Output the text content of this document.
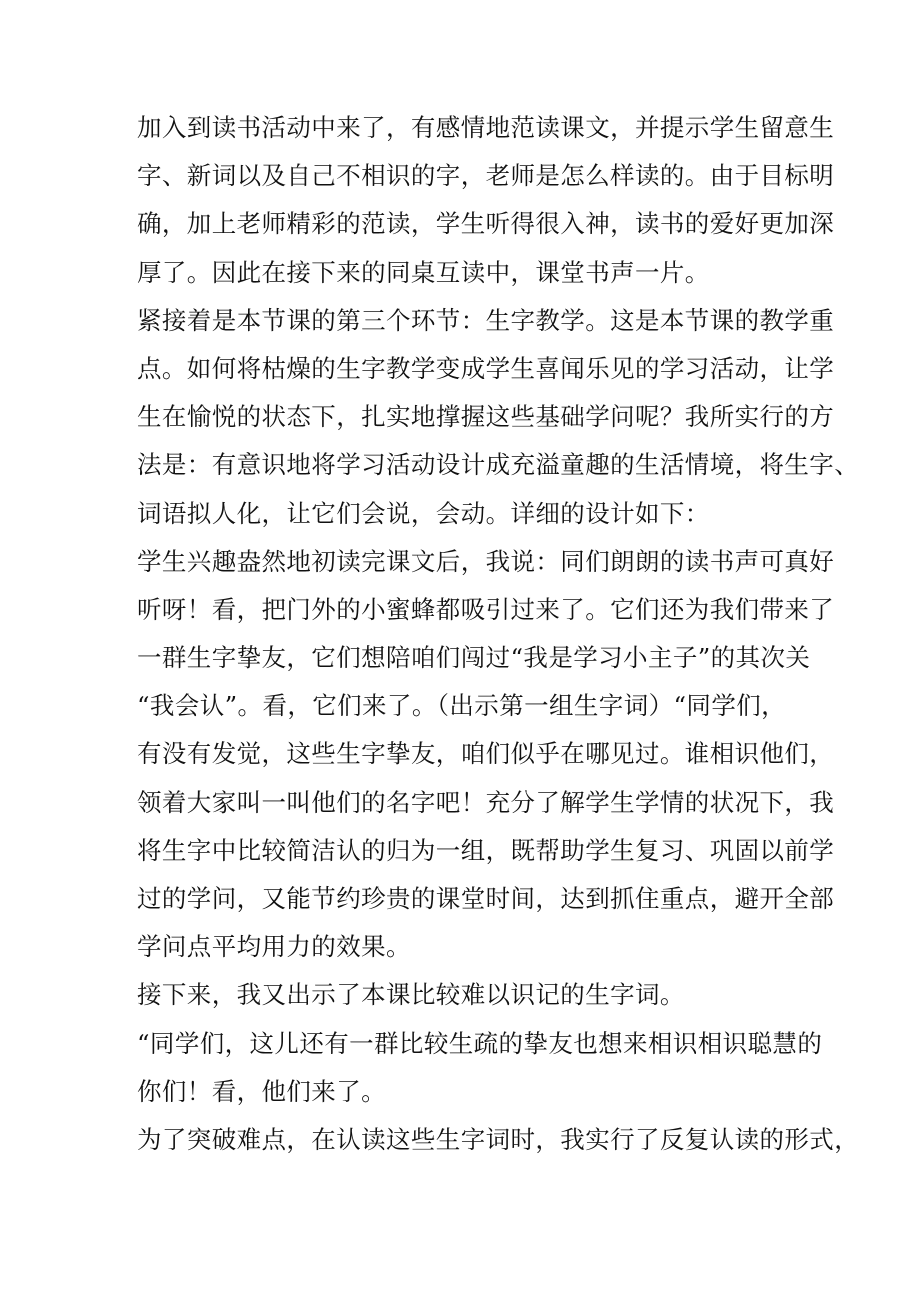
加入到读书活动中来了，有感情地范读课文，并提示学生留意生
字、新词以及自己不相识的字，老师是怎么样读的。由于目标明
确，加上老师精彩的范读，学生听得很入神，读书的爱好更加深
厚了。因此在接下来的同桌互读中，课堂书声一片。
紧接着是本节课的第三个环节：生字教学。这是本节课的教学重
点。如何将枯燥的生字教学变成学生喜闻乐见的学习活动，让学
生在愉悦的状态下，扎实地撑握这些基础学问呢？我所实行的方
法是：有意识地将学习活动设计成充溢童趣的生活情境，将生字、
词语拟人化，让它们会说，会动。详细的设计如下：
学生兴趣盎然地初读完课文后，我说：同们朗朗的读书声可真好
听呀！看，把门外的小蜜蜂都吸引过来了。它们还为我们带来了
一群生字挚友，它们想陪咱们闯过“我是学习小主子”的其次关
“我会认”。看，它们来了。（出示第一组生字词）“同学们，
有没有发觉，这些生字挚友，咱们似乎在哪见过。谁相识他们，
领着大家叫一叫他们的名字吧！充分了解学生学情的状况下，我
将生字中比较简洁认的归为一组，既帮助学生复习、巩固以前学
过的学问，又能节约珍贵的课堂时间，达到抓住重点，避开全部
学问点平均用力的效果。
接下来，我又出示了本课比较难以识记的生字词。
“同学们，这儿还有一群比较生疏的挚友也想来相识相识聪慧的
你们！看，他们来了。
为了突破难点，在认读这些生字词时，我实行了反复认读的形式，
